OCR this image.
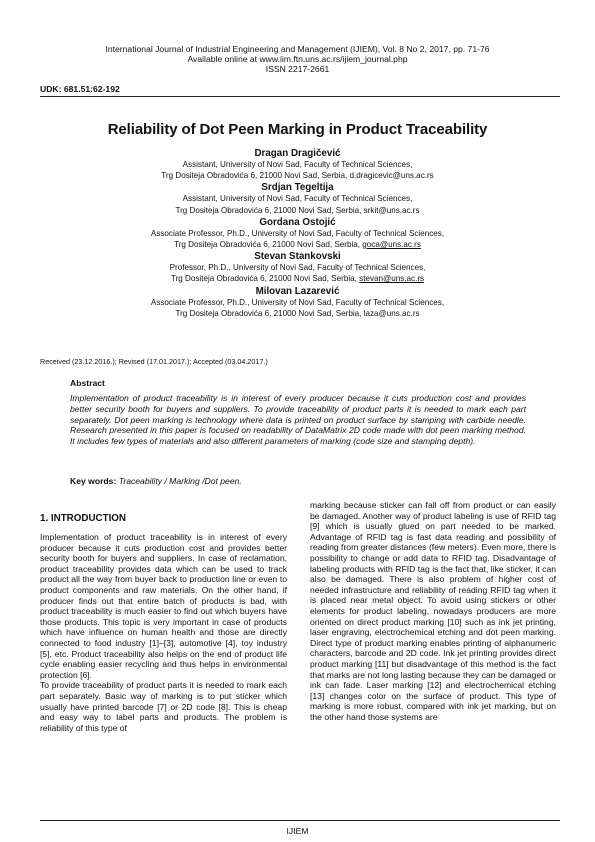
International Journal of Industrial Engineering and Management (IJIEM), Vol. 8 No 2, 2017, pp. 71-76
Available online at www.iim.ftn.uns.ac.rs/ijiem_journal.php
ISSN 2217-2661
UDK: 681.51:62-192
Reliability of Dot Peen Marking in Product Traceability
Dragan Dragičević
Assistant, University of Novi Sad, Faculty of Technical Sciences,
Trg Dositeja Obradovića 6, 21000 Novi Sad, Serbia, d.dragicevic@uns.ac.rs
Srdjan Tegeltija
Assistant, University of Novi Sad, Faculty of Technical Sciences,
Trg Dositeja Obradovića 6, 21000 Novi Sad, Serbia, srkit@uns.ac.rs
Gordana Ostojić
Associate Professor, Ph.D., University of Novi Sad, Faculty of Technical Sciences,
Trg Dositeja Obradovića 6, 21000 Novi Sad, Serbia, goca@uns.ac.rs
Stevan Stankovski
Professor, Ph.D., University of Novi Sad, Faculty of Technical Sciences,
Trg Dositeja Obradovića 6, 21000 Novi Sad, Serbia, stevan@uns.ac.rs
Milovan Lazarević
Associate Professor, Ph.D., University of Novi Sad, Faculty of Technical Sciences,
Trg Dositeja Obradovića 6, 21000 Novi Sad, Serbia, laza@uns.ac.rs
Received (23.12.2016.); Revised (17.01.2017.); Accepted (03.04.2017.)
Abstract
Implementation of product traceability is in interest of every producer because it cuts production cost and provides better security booth for buyers and suppliers. To provide traceability of product parts it is needed to mark each part separately. Dot peen marking is technology where data is printed on product surface by stamping with carbide needle. Research presented in this paper is focused on readability of DataMatrix 2D code made with dot peen marking method. It includes few types of materials and also different parameters of marking (code size and stamping depth).
Key words: Traceability / Marking /Dot peen.
1. INTRODUCTION

Implementation of product traceability is in interest of every producer because it cuts production cost and provides better security booth for buyers and suppliers. In case of reclamation, product traceability provides data which can be used to track product all the way from buyer back to production line or even to product components and raw materials. On the other hand, if producer finds out that entire batch of products is bad, with product traceability is much easier to find out which buyers have those products. This topic is very important in case of products which have influence on human health and those are directly connected to food industry [1]–[3], automotive [4], toy industry [5], etc. Product traceability also helps on the end of product life cycle enabling easier recycling and thus helps in environmental protection [6].

To provide traceability of product parts it is needed to mark each part separately. Basic way of marking is to put sticker which usually have printed barcode [7] or 2D code [8]. This is cheap and easy way to label parts and products. The problem is reliability of this type of

marking because sticker can fall off from product or can easily be damaged. Another way of product labeling is use of RFID tag [9] which is usually glued on part needed to be marked. Advantage of RFID tag is fast data reading and possibility of reading from greater distances (few meters). Even more, there is possibility to change or add data to RFID tag. Disadvantage of labeling products with RFID tag is the fact that, like sticker, it can also be damaged. There is also problem of higher cost of needed infrastructure and reliability of reading RFID tag when it is placed near metal object. To avoid using stickers or other elements for product labeling, nowadays producers are more oriented on direct product marking [10] such as ink jet printing, laser engraving, electrochemical etching and dot peen marking. Direct type of product marking enables printing of alphanumeric characters, barcode and 2D code. Ink jet printing provides direct product marking [11] but disadvantage of this method is the fact that marks are not long lasting because they can be damaged or ink can fade. Laser marking [12] and electrochemical etching [13] changes color on the surface of product. This type of marking is more robust, compared with ink jet marking, but on the other hand those systems are

IJIEM
